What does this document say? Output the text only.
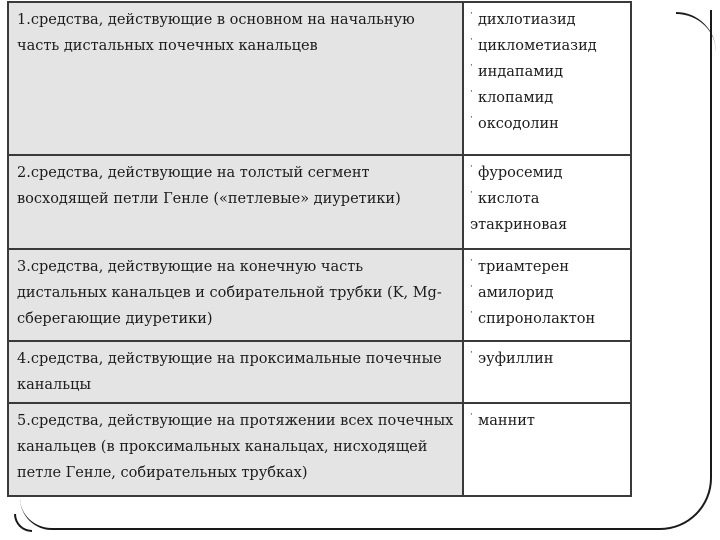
1.средства, действующие в основном на начальную часть дистальных почечных канальцев	· дихлотиазид
· циклометиазид
· индапамид
· клопамид
· оксодолин

2.средства, действующие на толстый сегмент восходящей петли Генле («петлевые» диуретики)	· фуросемид
· кислота
этакриновая

3.средства, действующие на конечную часть дистальных канальцев и собирательной трубки (K, Mg-сберегающие диуретики)	· триамтерен
· амилорид
· спиронолактон

4.средства, действующие на проксимальные почечные канальцы	· эуфиллин

5.средства, действующие на протяжении всех почечных канальцев (в проксимальных канальцах, нисходящей петле Генле, собирательных трубках)	· маннит
